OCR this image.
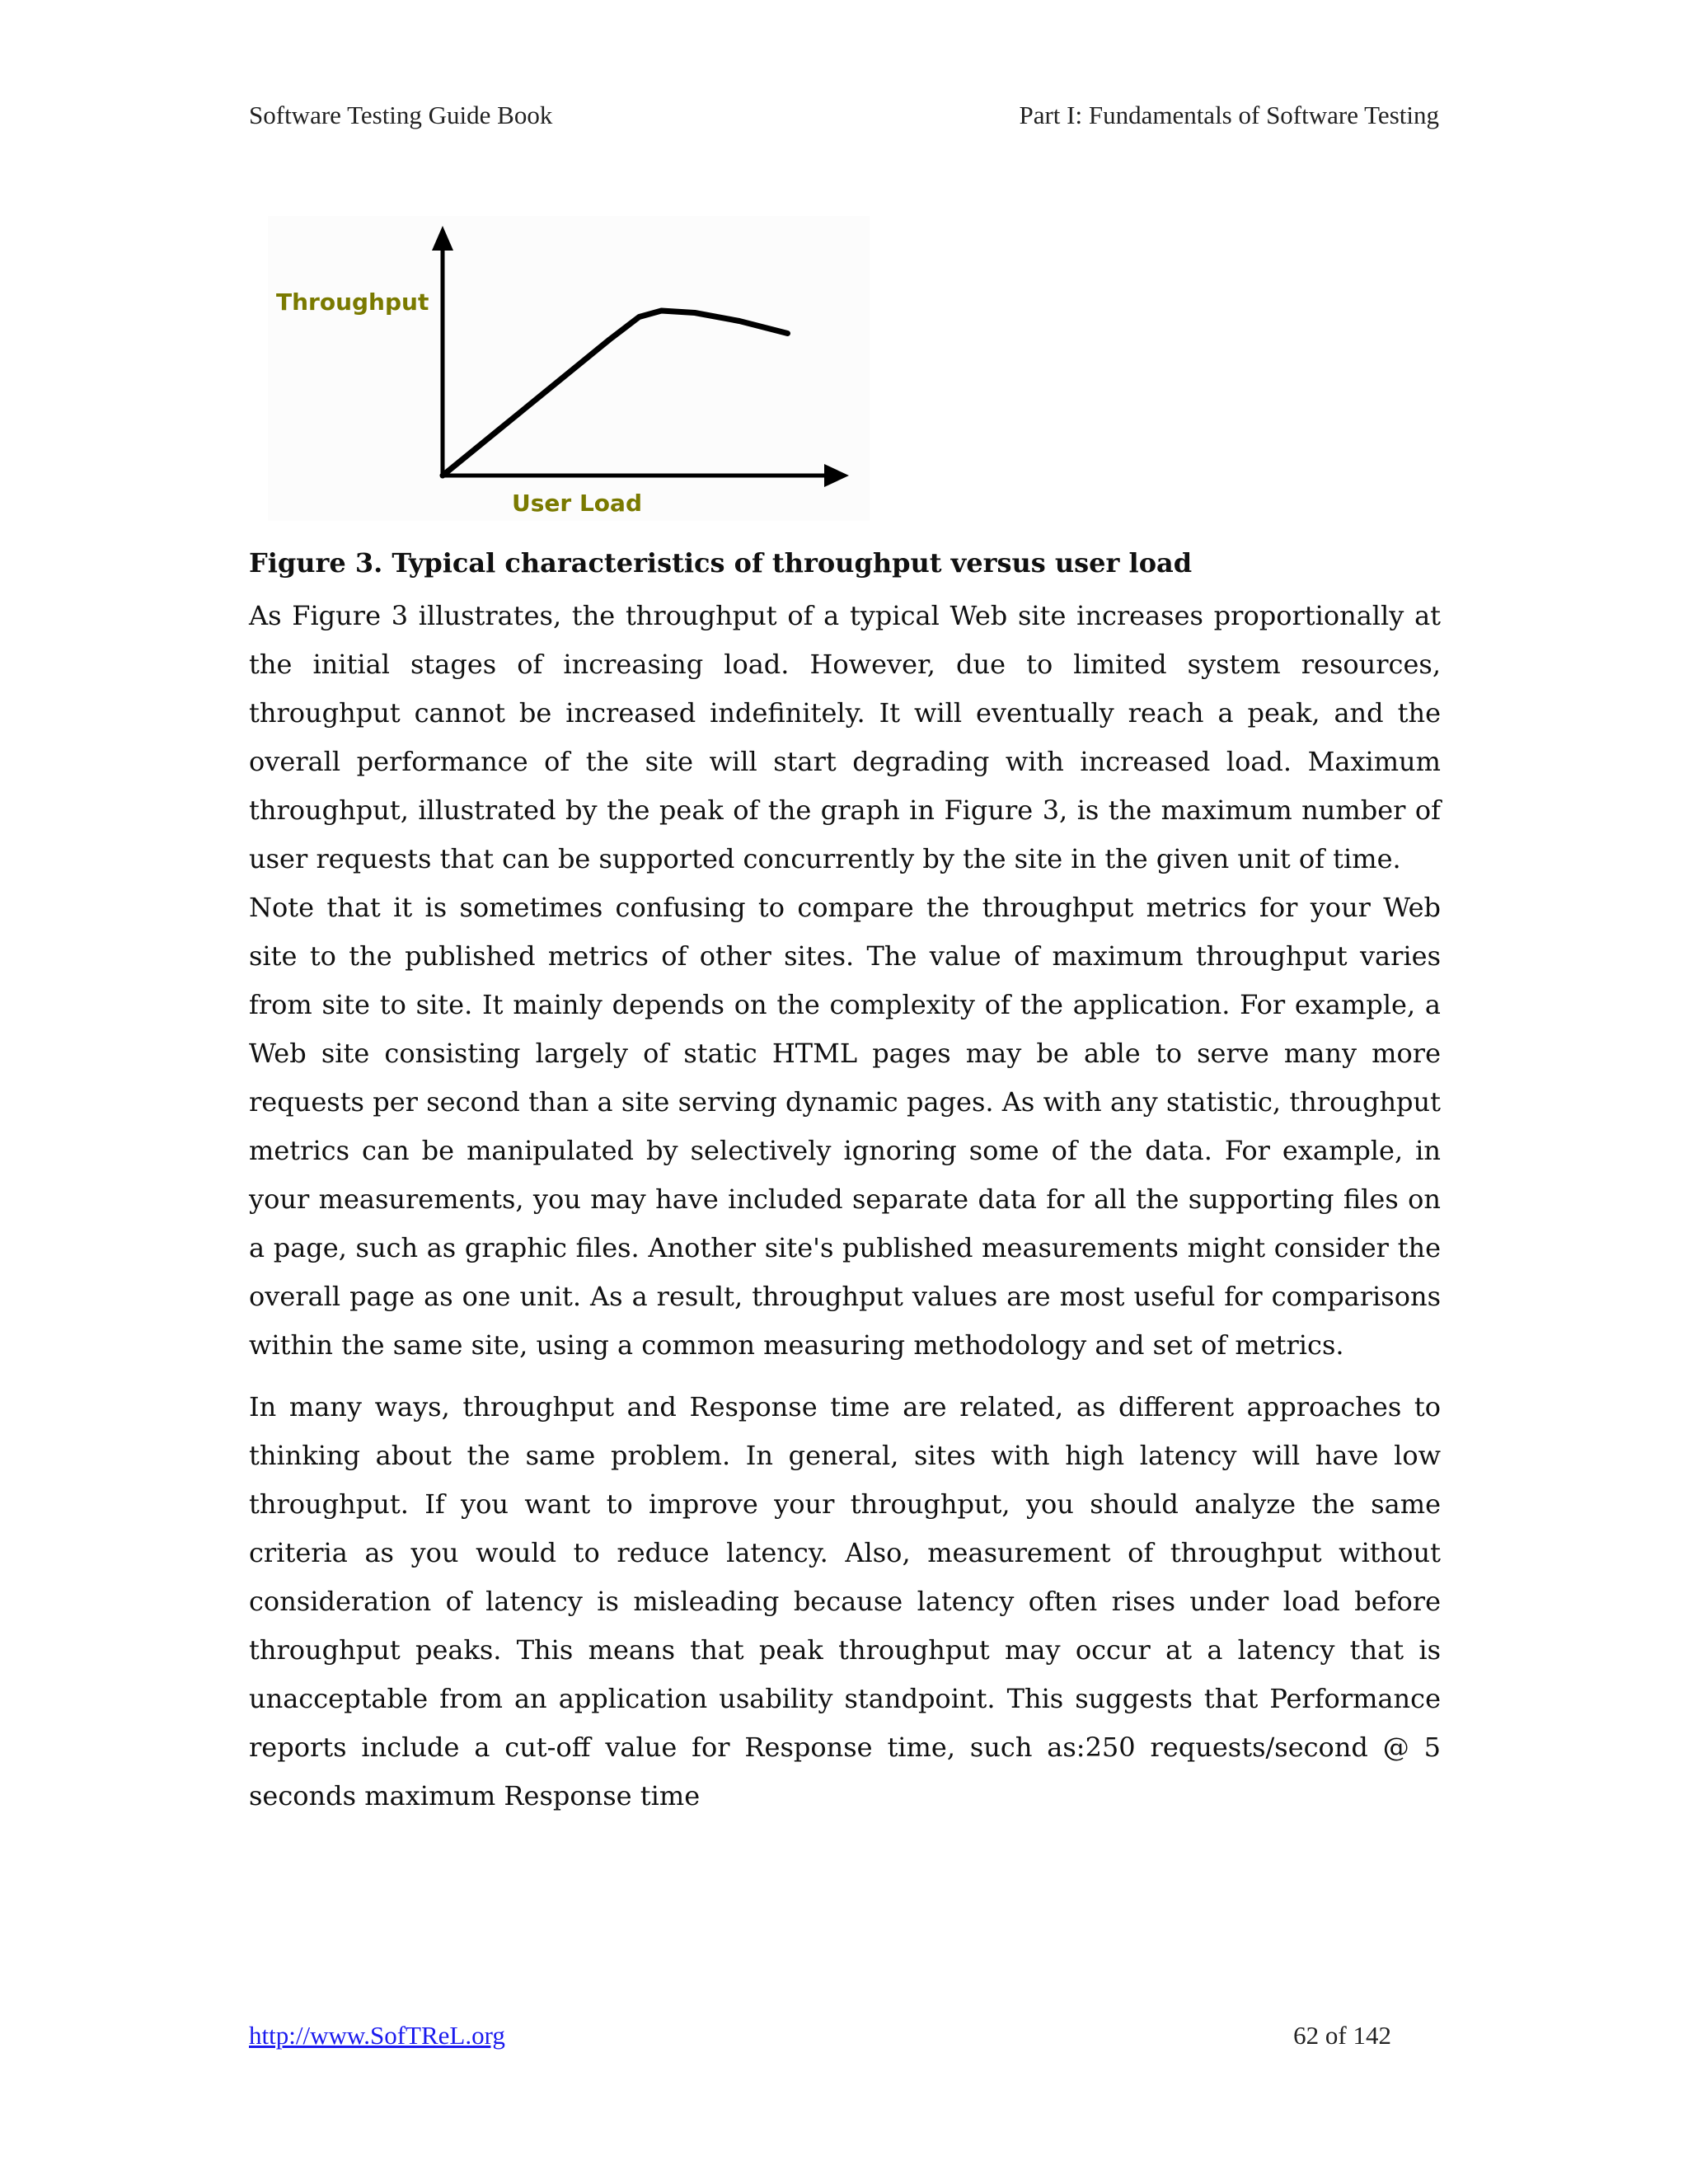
Software Testing Guide Book	Part I: Fundamentals of Software Testing
Throughput
User Load

Figure 3. Typical characteristics of throughput versus user load

As Figure 3 illustrates, the throughput of a typical Web site increases proportionally at the initial stages of increasing load. However, due to limited system resources, throughput cannot be increased indefinitely. It will eventually reach a peak, and the overall performance of the site will start degrading with increased load. Maximum throughput, illustrated by the peak of the graph in Figure 3, is the maximum number of user requests that can be supported concurrently by the site in the given unit of time.

Note that it is sometimes confusing to compare the throughput metrics for your Web site to the published metrics of other sites. The value of maximum throughput varies from site to site. It mainly depends on the complexity of the application. For example, a Web site consisting largely of static HTML pages may be able to serve many more requests per second than a site serving dynamic pages. As with any statistic, throughput metrics can be manipulated by selectively ignoring some of the data. For example, in your measurements, you may have included separate data for all the supporting files on a page, such as graphic files. Another site's published measurements might consider the overall page as one unit. As a result, throughput values are most useful for comparisons within the same site, using a common measuring methodology and set of metrics.

In many ways, throughput and Response time are related, as different approaches to thinking about the same problem. In general, sites with high latency will have low throughput. If you want to improve your throughput, you should analyze the same criteria as you would to reduce latency. Also, measurement of throughput without consideration of latency is misleading because latency often rises under load before throughput peaks. This means that peak throughput may occur at a latency that is unacceptable from an application usability standpoint. This suggests that Performance reports include a cut-off value for Response time, such as:250 requests/second @ 5 seconds maximum Response time

http://www.SofTReL.org	62 of 142
